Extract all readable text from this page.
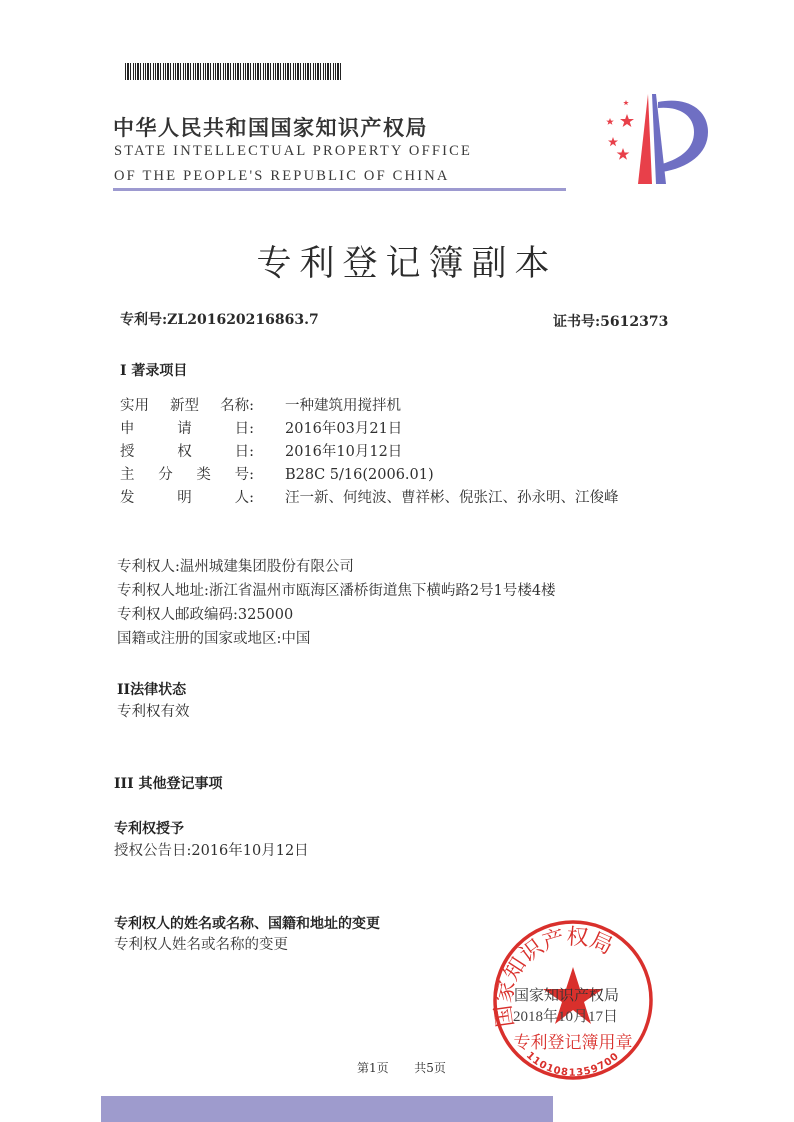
中华人民共和国国家知识产权局
STATE INTELLECTUAL PROPERTY OFFICE
OF THE PEOPLE'S REPUBLIC OF CHINA
专利登记簿副本
专利号:ZL201620216863.7	证书号:5612373
I 著录项目
实用 新型 名称: 一种建筑用搅拌机
申	请	日: 2016年03月21日
授	权	日: 2016年10月12日
主 分 类 号: B28C 5/16(2006.01)
发	明	人: 汪一新、何纯波、曹祥彬、倪张江、孙永明、江俊峰
专利权人:温州城建集团股份有限公司
专利权人地址:浙江省温州市瓯海区潘桥街道焦下横屿路2号1号楼4楼
专利权人邮政编码:325000
国籍或注册的国家或地区:中国
II法律状态
专利权有效
III 其他登记事项
专利权授予
授权公告日:2016年10月12日
专利权人的姓名或名称、国籍和地址的变更
专利权人姓名或名称的变更
国家知识产权局
专利登记簿用章
1101081359700
国家知识产权局
2018年10月17日
第1页 共5页
